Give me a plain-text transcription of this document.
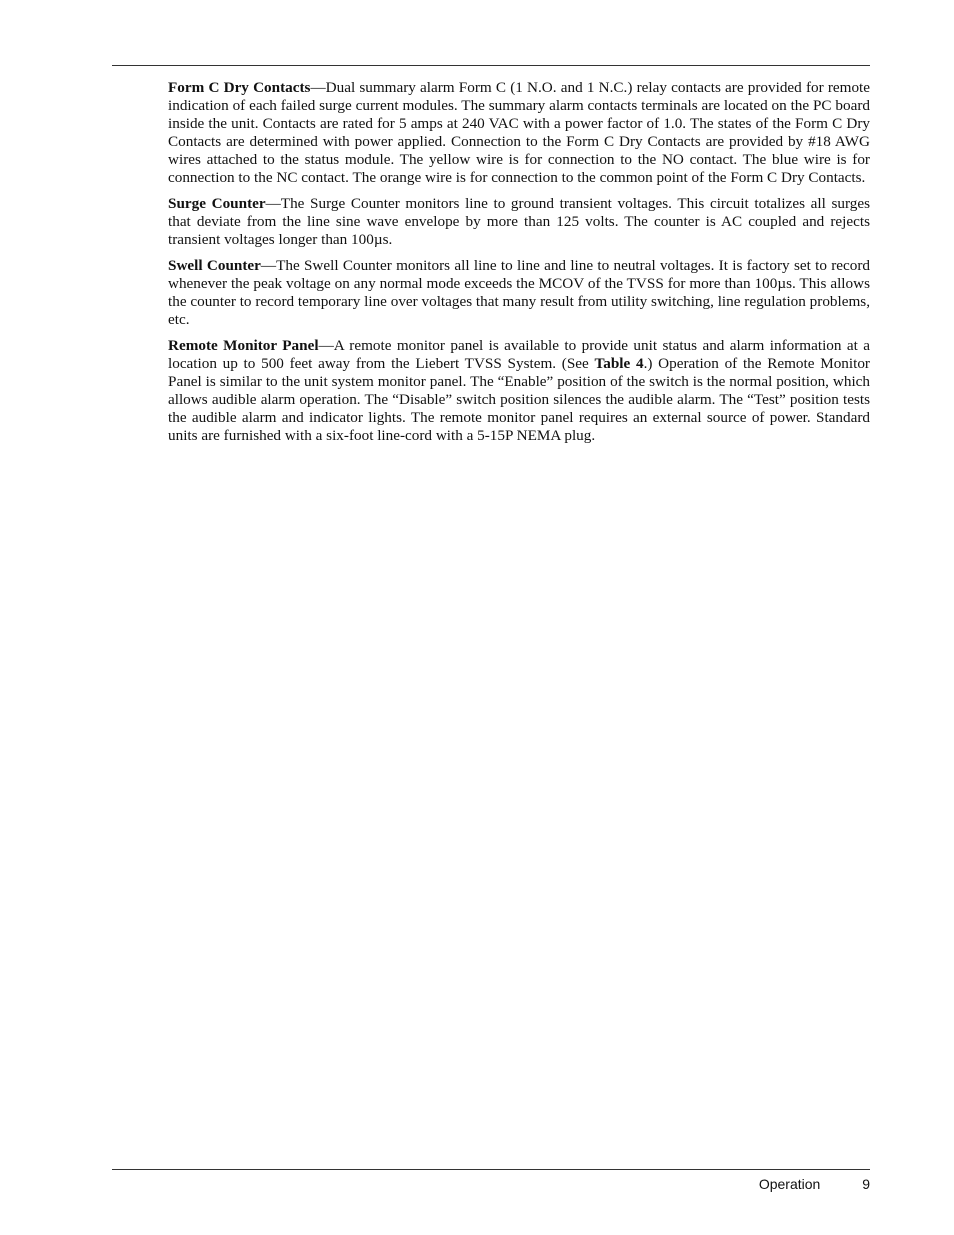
Form C Dry Contacts—Dual summary alarm Form C (1 N.O. and 1 N.C.) relay contacts are provided for remote indication of each failed surge current modules. The summary alarm contacts terminals are located on the PC board inside the unit. Contacts are rated for 5 amps at 240 VAC with a power factor of 1.0. The states of the Form C Dry Contacts are determined with power applied. Connection to the Form C Dry Contacts are provided by #18 AWG wires attached to the status module. The yellow wire is for connection to the NO contact. The blue wire is for connection to the NC contact. The orange wire is for connection to the common point of the Form C Dry Contacts.

Surge Counter—The Surge Counter monitors line to ground transient voltages. This circuit totalizes all surges that deviate from the line sine wave envelope by more than 125 volts. The counter is AC coupled and rejects transient voltages longer than 100µs.

Swell Counter—The Swell Counter monitors all line to line and line to neutral voltages. It is factory set to record whenever the peak voltage on any normal mode exceeds the MCOV of the TVSS for more than 100µs. This allows the counter to record temporary line over voltages that many result from utility switching, line regulation problems, etc.

Remote Monitor Panel—A remote monitor panel is available to provide unit status and alarm information at a location up to 500 feet away from the Liebert TVSS System. (See Table 4.) Operation of the Remote Monitor Panel is similar to the unit system monitor panel. The “Enable” position of the switch is the normal position, which allows audible alarm operation. The “Disable” switch position silences the audible alarm. The “Test” position tests the audible alarm and indicator lights. The remote monitor panel requires an external source of power. Standard units are furnished with a six-foot line-cord with a 5-15P NEMA plug.

Operation	9
